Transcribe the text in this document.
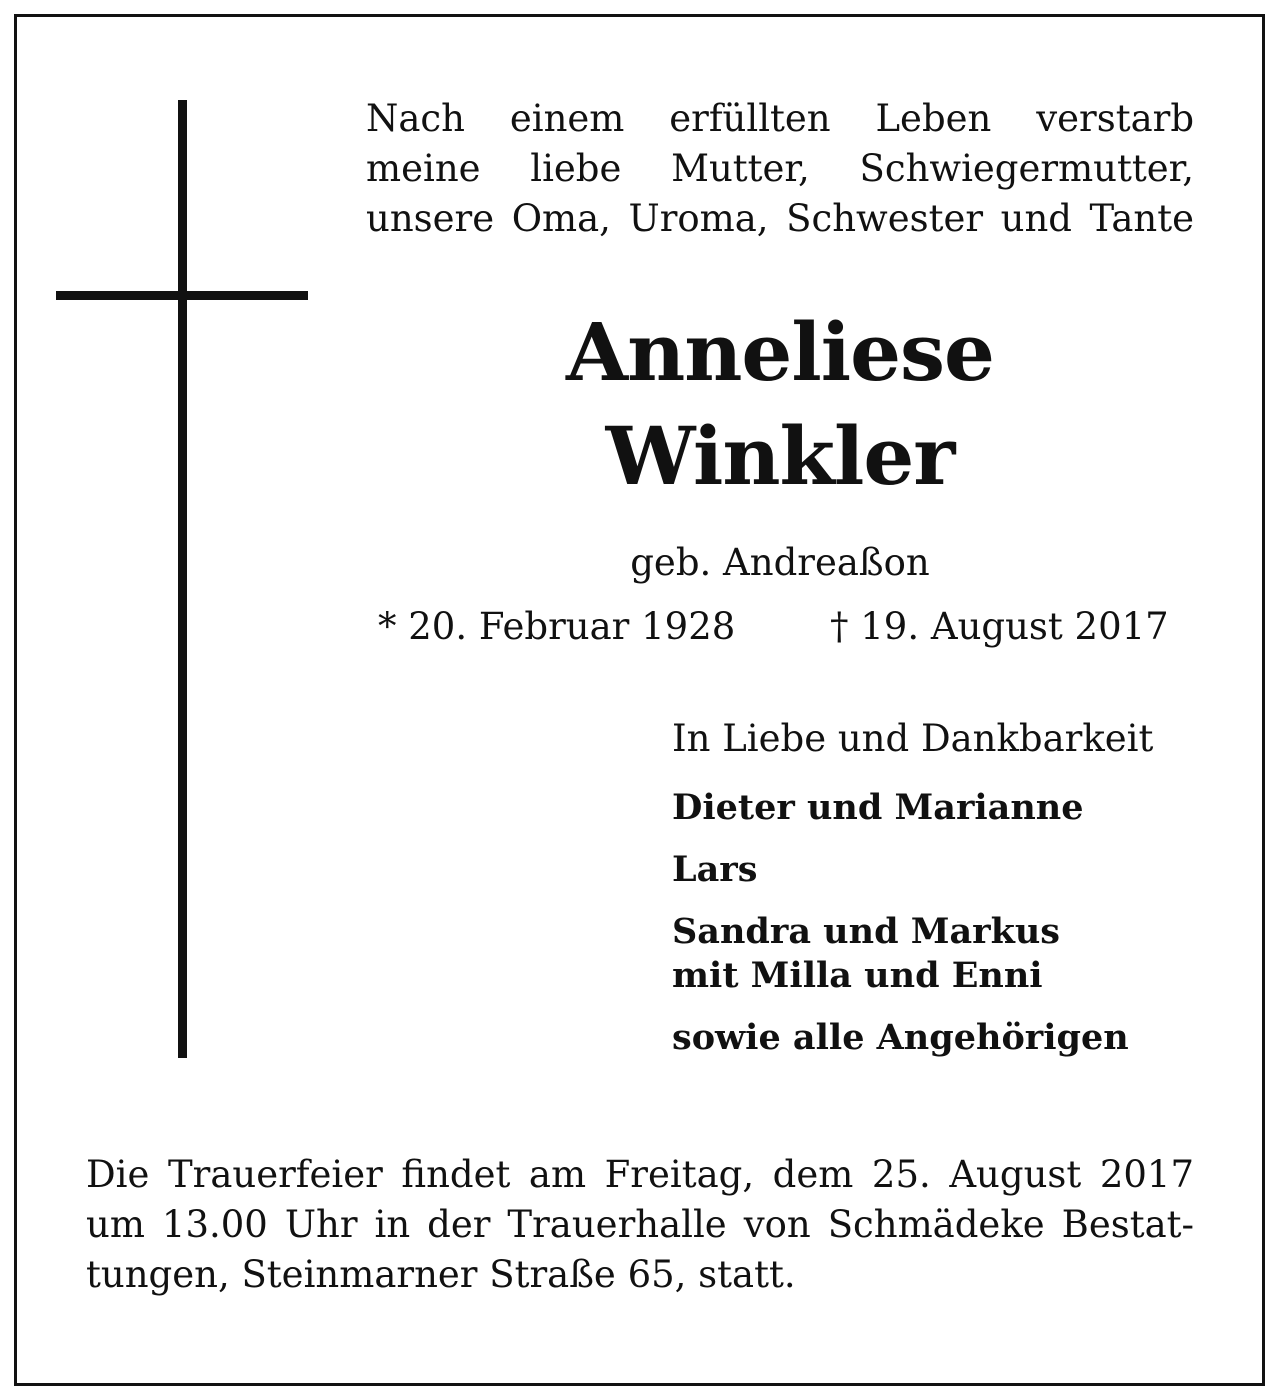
Nach einem erfüllten Leben verstarb
meine liebe Mutter, Schwiegermutter,
unsere Oma, Uroma, Schwester und Tante
Anneliese
Winkler
geb. Andreaßon
* 20. Februar 1928	† 19. August 2017
In Liebe und Dankbarkeit
Dieter und Marianne
Lars
Sandra und Markus
mit Milla und Enni
sowie alle Angehörigen
Die Trauerfeier findet am Freitag, dem 25. August 2017
um 13.00 Uhr in der Trauerhalle von Schmädeke Bestat-
tungen, Steinmarner Straße 65, statt.
